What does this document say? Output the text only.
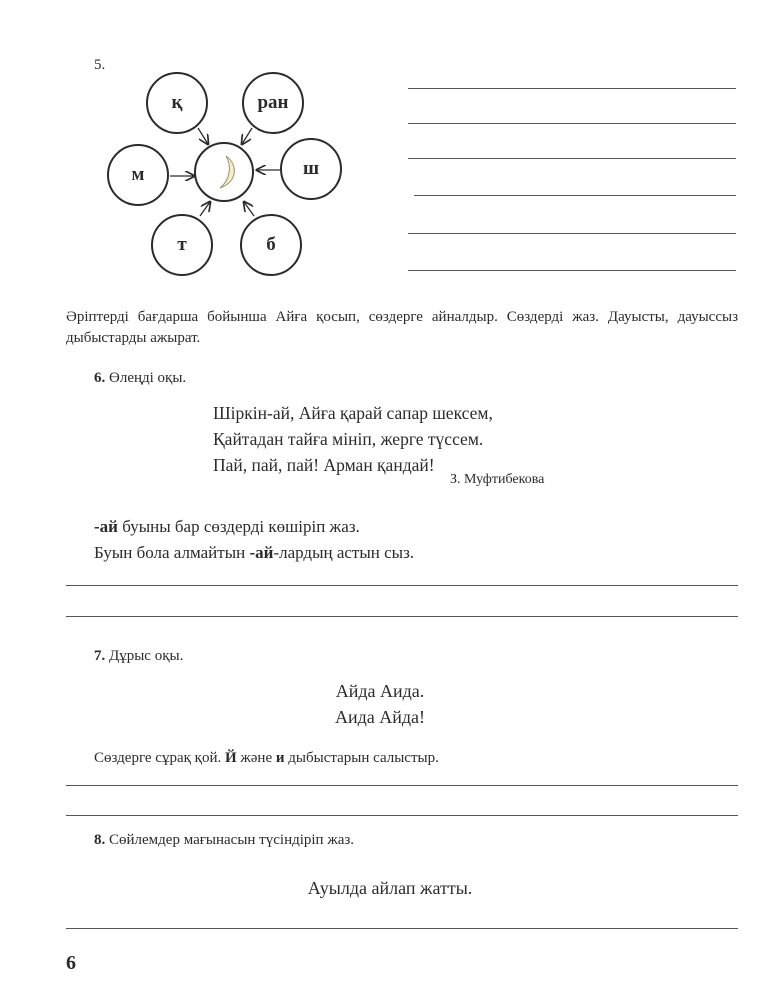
5.
қ	ран
м	ш
т	б
Әріптерді бағдарша бойынша Айға қосып, сөздерге айналдыр. Сөздерді жаз. Дауысты, дауыссыз дыбыстарды ажырат.
6. Өлеңді оқы.
Шіркін-ай, Айға қарай сапар шексем,
Қайтадан тайға мініп, жерге түссем.
Пай, пай, пай! Арман қандай!
З. Муфтибекова
-ай буыны бар сөздерді көшіріп жаз.
Буын бола алмайтын -ай-лардың астын сыз.
7. Дұрыс оқы.
Айда Аида.
Аида Айда!
Сөздерге сұрақ қой. Й және и дыбыстарын салыстыр.
8. Сөйлемдер мағынасын түсіндіріп жаз.
Ауылда айлап жатты.
6
